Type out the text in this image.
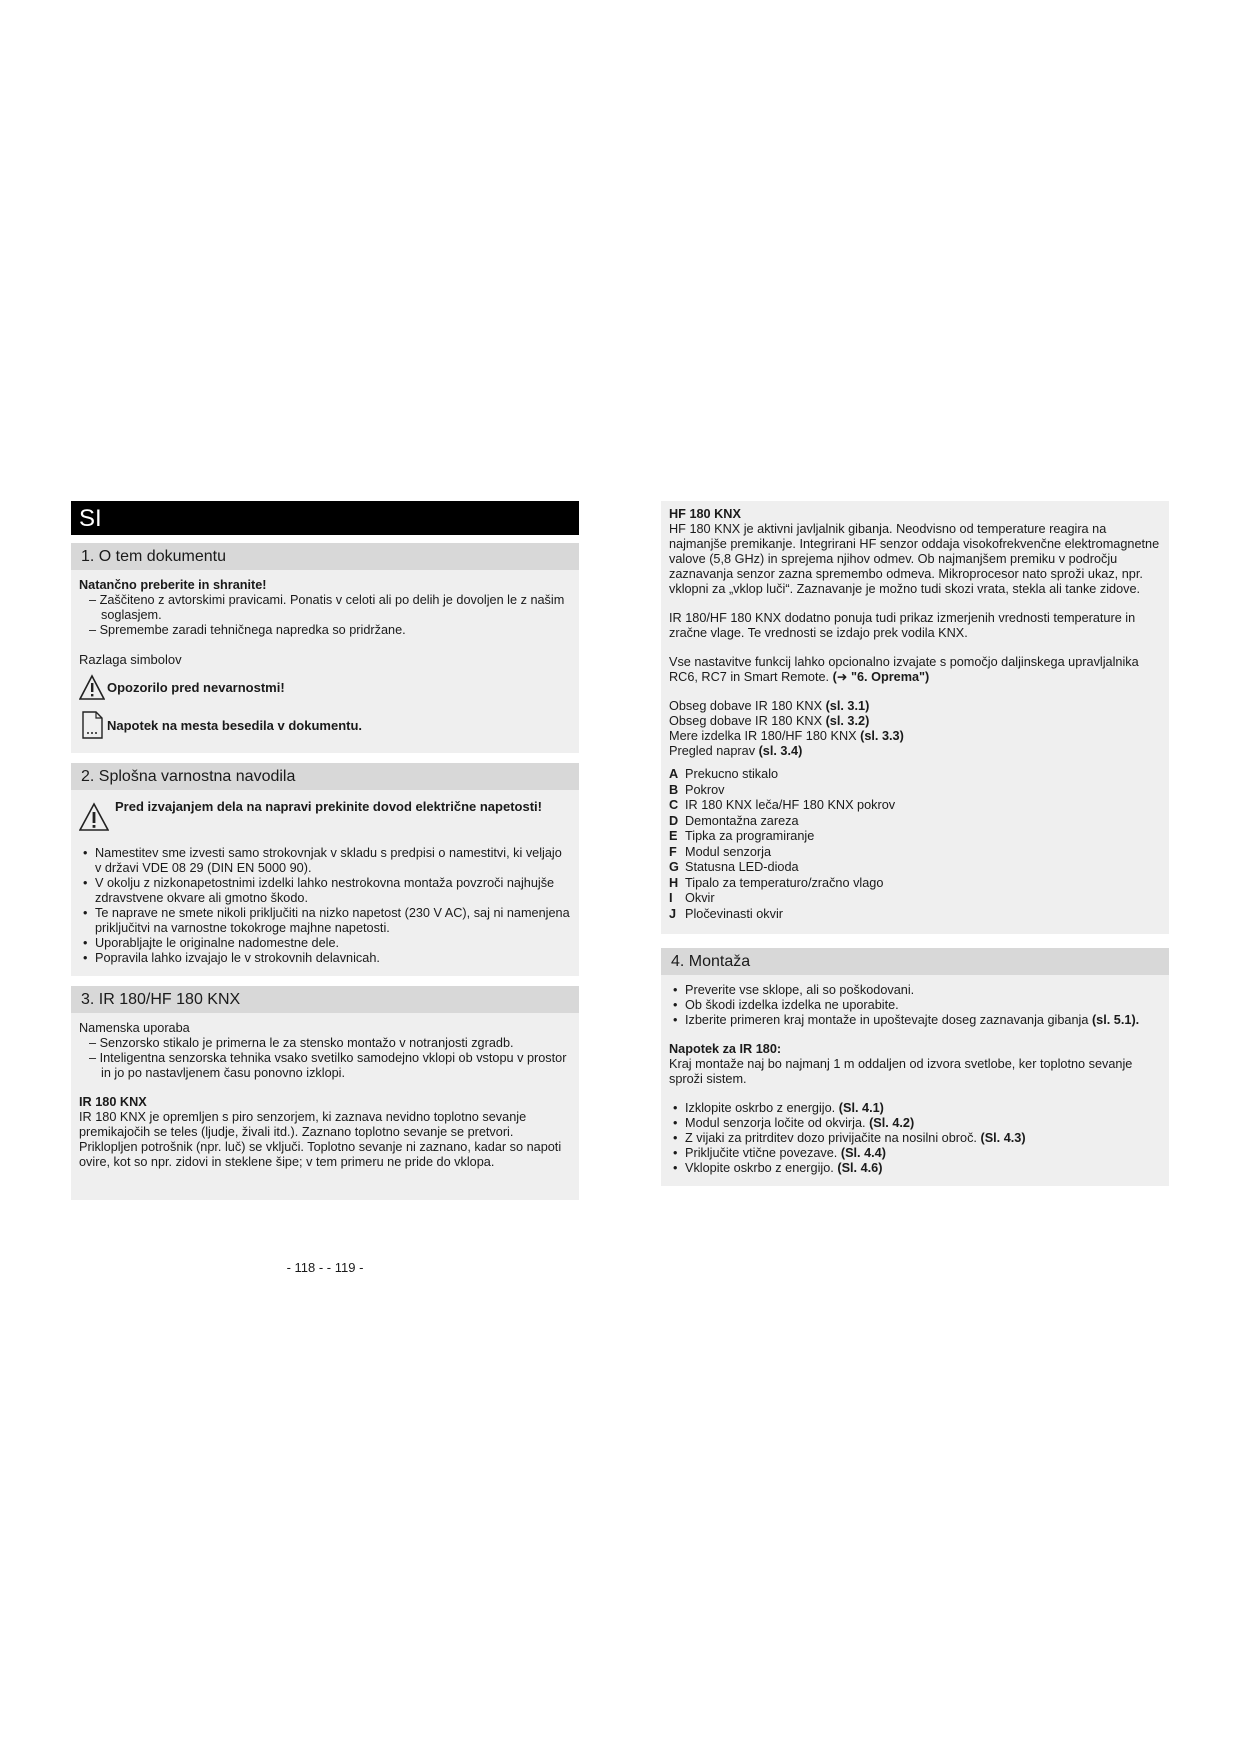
SI
1. O tem dokumentu
Natančno preberite in shranite!

– Zaščiteno z avtorskimi pravicami. Ponatis v celoti ali po delih je dovoljen le z našim soglasjem.

– Spremembe zaradi tehničnega napredka so pridržane.

Razlaga simbolov
Opozorilo pred nevarnostmi!
Napotek na mesta besedila v dokumentu.
2. Splošna varnostna navodila
Pred izvajanjem dela na napravi prekinite dovod električne napetosti!
• Namestitev sme izvesti samo strokovnjak v skladu s predpisi o namestitvi, ki veljajo v državi VDE 08 29 (DIN EN 5000 90).
• V okolju z nizkonapetostnimi izdelki lahko nestrokovna montaža povzroči najhujše zdravstvene okvare ali gmotno škodo.
• Te naprave ne smete nikoli priključiti na nizko napetost (230 V AC), saj ni namenjena priključitvi na varnostne tokokroge majhne napetosti.
• Uporabljajte le originalne nadomestne dele.
• Popravila lahko izvajajo le v strokovnih delavnicah.
3. IR 180/HF 180 KNX
Namenska uporaba

– Senzorsko stikalo je primerna le za stensko montažo v notranjosti zgradb.

– Inteligentna senzorska tehnika vsako svetilko samodejno vklopi ob vstopu v prostor in jo po nastavljenem času ponovno izklopi.

IR 180 KNX
IR 180 KNX je opremljen s piro senzorjem, ki zaznava nevidno toplotno sevanje premikajočih se teles (ljudje, živali itd.). Zaznano toplotno sevanje se pretvori. Priklopljen potrošnik (npr. luč) se vključi. Toplotno sevanje ni zaznano, kadar so napoti ovire, kot so npr. zidovi in steklene šipe; v tem primeru ne pride do vklopa.
- 118 - - 119 -
HF 180 KNX
HF 180 KNX je aktivni javljalnik gibanja. Neodvisno od temperature reagira na najmanjše premikanje. Integrirani HF senzor oddaja visokofrekvenčne elektromagnetne valove (5,8 GHz) in sprejema njihov odmev. Ob najmanjšem premiku v področju zaznavanja senzor zazna spremembo odmeva. Mikroprocesor nato sproži ukaz, npr. vklopni za „vklop luči“. Zaznavanje je možno tudi skozi vrata, stekla ali tanke zidove.
IR 180/HF 180 KNX dodatno ponuja tudi prikaz izmerjenih vrednosti temperature in zračne vlage. Te vrednosti se izdajo prek vodila KNX.
Vse nastavitve funkcij lahko opcionalno izvajate s pomočjo daljinskega upravljalnika RC6, RC7 in Smart Remote. (➜ "6. Oprema")
Obseg dobave IR 180 KNX (sl. 3.1)
Obseg dobave IR 180 KNX (sl. 3.2)
Mere izdelka IR 180/HF 180 KNX (sl. 3.3)
Pregled naprav (sl. 3.4)
A Prekucno stikalo
B Pokrov
C IR 180 KNX leča/HF 180 KNX pokrov
D Demontažna zareza
E Tipka za programiranje
F Modul senzorja
G Statusna LED-dioda
H Tipalo za temperaturo/zračno vlago
I Okvir
J Pločevinasti okvir
4. Montaža
• Preverite vse sklope, ali so poškodovani.
• Ob škodi izdelka izdelka ne uporabite.
• Izberite primeren kraj montaže in upoštevajte doseg zaznavanja gibanja (sl. 5.1).
Napotek za IR 180:
Kraj montaže naj bo najmanj 1 m oddaljen od izvora svetlobe, ker toplotno sevanje sproži sistem.
• Izklopite oskrbo z energijo. (Sl. 4.1)
• Modul senzorja ločite od okvirja. (Sl. 4.2)
• Z vijaki za pritrditev dozo privijačite na nosilni obroč. (Sl. 4.3)
• Priključite vtične povezave. (Sl. 4.4)
• Vklopite oskrbo z energijo. (Sl. 4.6)
